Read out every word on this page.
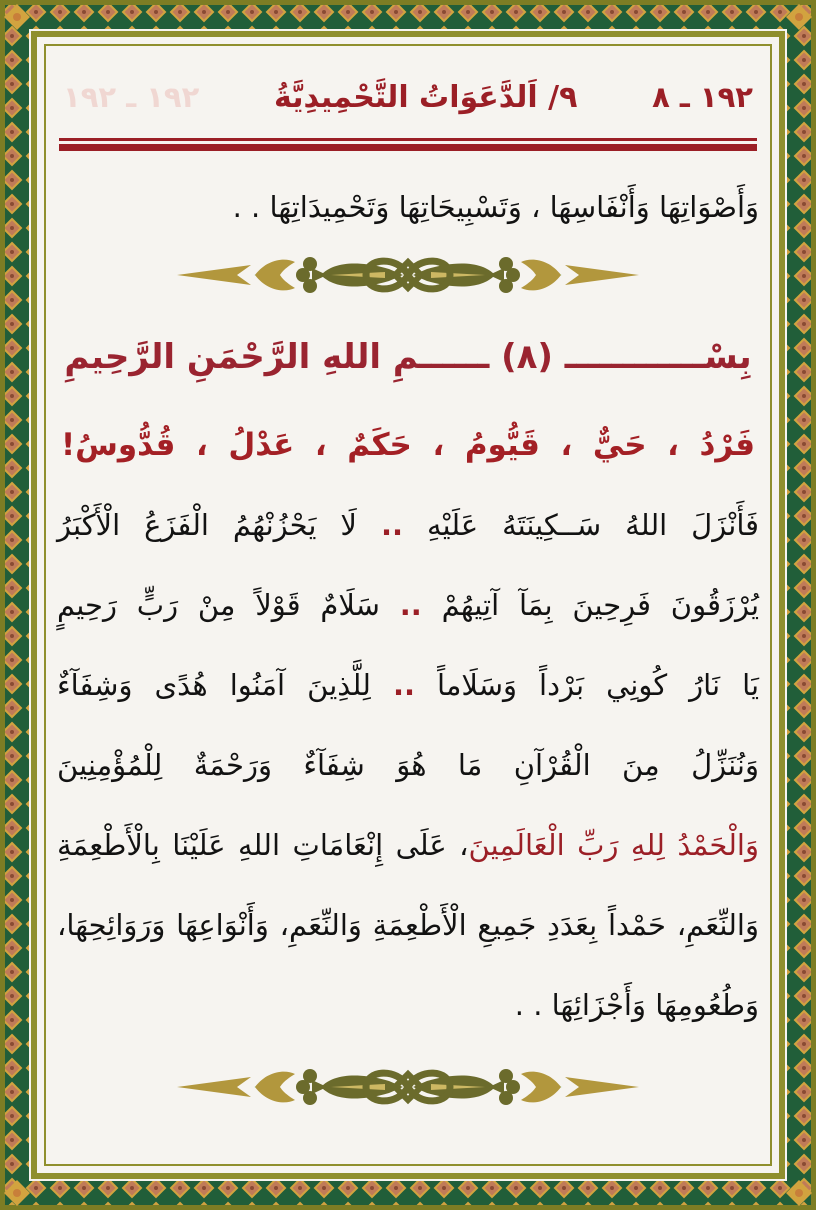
١٩٢ ـ ٨
٩/ اَلدَّعَوَاتُ التَّحْمِيدِيَّةُ
١٩٢ ـ ١٩٢
وَأَصْوَاتِهَا وَأَنْفَاسِهَا ، وَتَسْبِيحَاتِهَا وَتَحْمِيدَاتِهَا . .
بِسْــــــــــــ (٨) ــــــمِ اللهِ الرَّحْمَنِ الرَّحِيمِ
فَرْدُ ، حَيٌّ ، قَيُّومُ ، حَكَمٌ ، عَدْلُ ، قُدُّوسُ!
فَأَنْزَلَ اللهُ سَــكِينَتَهُ عَلَيْهِ .. لَا يَحْزُنْهُمُ الْفَزَعُ الْأَكْبَرُ
يُرْزَقُونَ فَرِحِينَ بِمَآ آتِيهُمْ .. سَلَامٌ قَوْلاً مِنْ رَبٍّ رَحِيمٍ
يَا نَارُ كُونِي بَرْداً وَسَلَاماً .. لِلَّذِينَ آمَنُوا هُدًى وَشِفَآءٌ
وَنُنَزِّلُ مِنَ الْقُرْآنِ مَا هُوَ شِفَآءٌ وَرَحْمَةٌ لِلْمُؤْمِنِينَ
وَالْحَمْدُ لِلهِ رَبِّ الْعَالَمِينَ، عَلَى إِنْعَامَاتِ اللهِ عَلَيْنَا بِالْأَطْعِمَةِ
وَالنِّعَمِ، حَمْداً بِعَدَدِ جَمِيعِ الْأَطْعِمَةِ وَالنِّعَمِ، وَأَنْوَاعِهَا وَرَوَائِحِهَا،
وَطُعُومِهَا وَأَجْزَائِهَا . .
